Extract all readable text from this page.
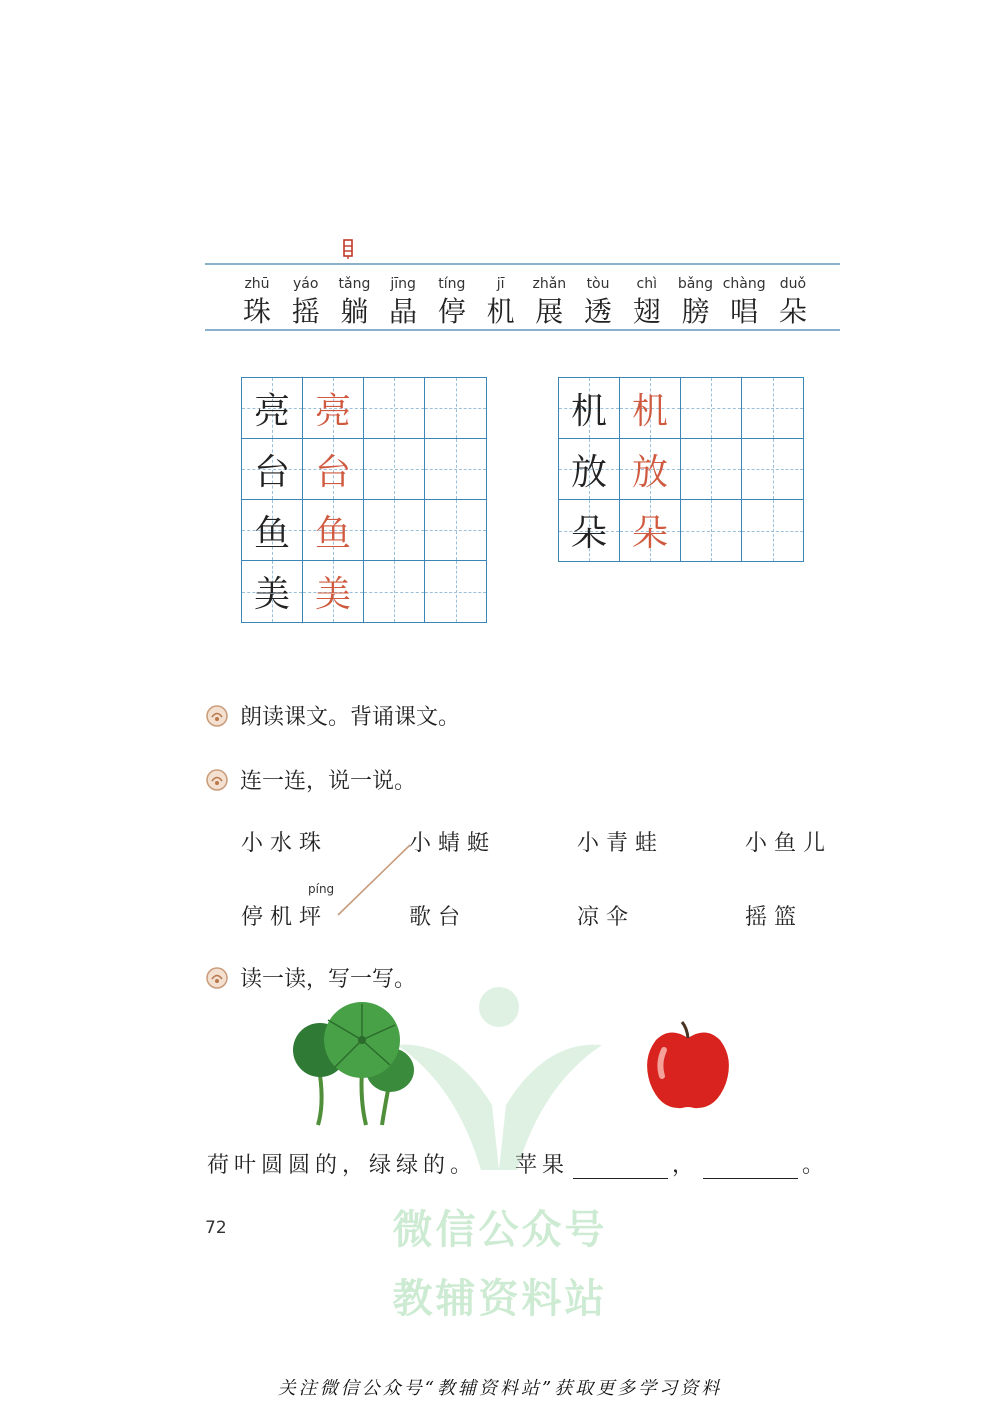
zhū	yáo	tǎng	jīng	tíng	jī	zhǎn	tòu	chì	bǎng chàng	duǒ
珠 摇 躺 晶 停 机 展 透 翅 膀 唱 朵
亮 亮
台 台
鱼 鱼
美 美
机 机
放 放
朵 朵
朗读课文。背诵课文。
连一连，说一说。
小水珠	小蜻蜓	小青蛙	小鱼儿
píng
停机坪	歌台	凉伞	摇篮
读一读，写一写。
荷叶圆圆的，绿绿的。 苹果	，	。
72	微信公众号
教辅资料站
关注微信公众号“教辅资料站”获取更多学习资料
